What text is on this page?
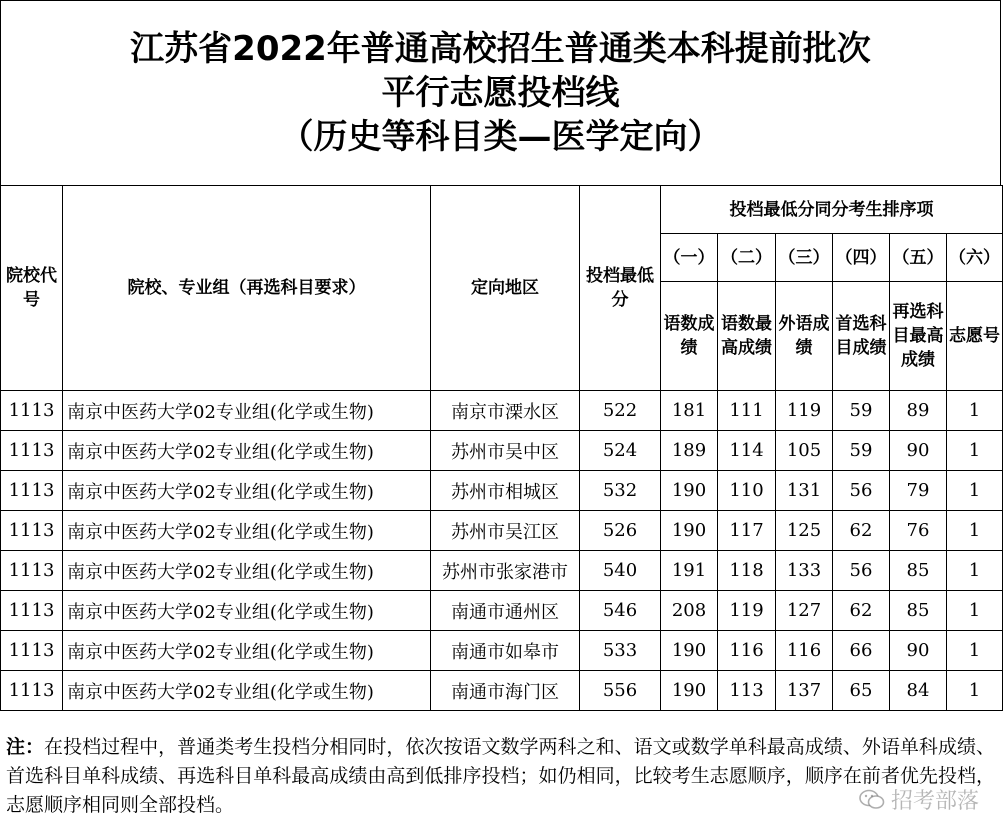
江苏省2022年普通高校招生普通类本科提前批次
平行志愿投档线
（历史等科目类—医学定向）
院校代号	院校、专业组（再选科目要求）	定向地区	投档最低分	投档最低分同分考生排序项					
				（一）	（二）	（三）	（四）	（五）	（六）
				语数成绩	语数最高成绩	外语成绩	首选科目成绩	再选科目最高成绩	志愿号
1113	南京中医药大学02专业组(化学或生物)	南京市溧水区	522	181	111	119	59	89	1
1113	南京中医药大学02专业组(化学或生物)	苏州市吴中区	524	189	114	105	59	90	1
1113	南京中医药大学02专业组(化学或生物)	苏州市相城区	532	190	110	131	56	79	1
1113	南京中医药大学02专业组(化学或生物)	苏州市吴江区	526	190	117	125	62	76	1
1113	南京中医药大学02专业组(化学或生物)	苏州市张家港市	540	191	118	133	56	85	1
1113	南京中医药大学02专业组(化学或生物)	南通市通州区	546	208	119	127	62	85	1
1113	南京中医药大学02专业组(化学或生物)	南通市如皋市	533	190	116	116	66	90	1
1113	南京中医药大学02专业组(化学或生物)	南通市海门区	556	190	113	137	65	84	1
注：在投档过程中，普通类考生投档分相同时，依次按语文数学两科之和、语文或数学单科最高成绩、外语单科成绩、首选科目单科成绩、再选科目单科最高成绩由高到低排序投档；如仍相同，比较考生志愿顺序，顺序在前者优先投档，志愿顺序相同则全部投档。	招考部落
